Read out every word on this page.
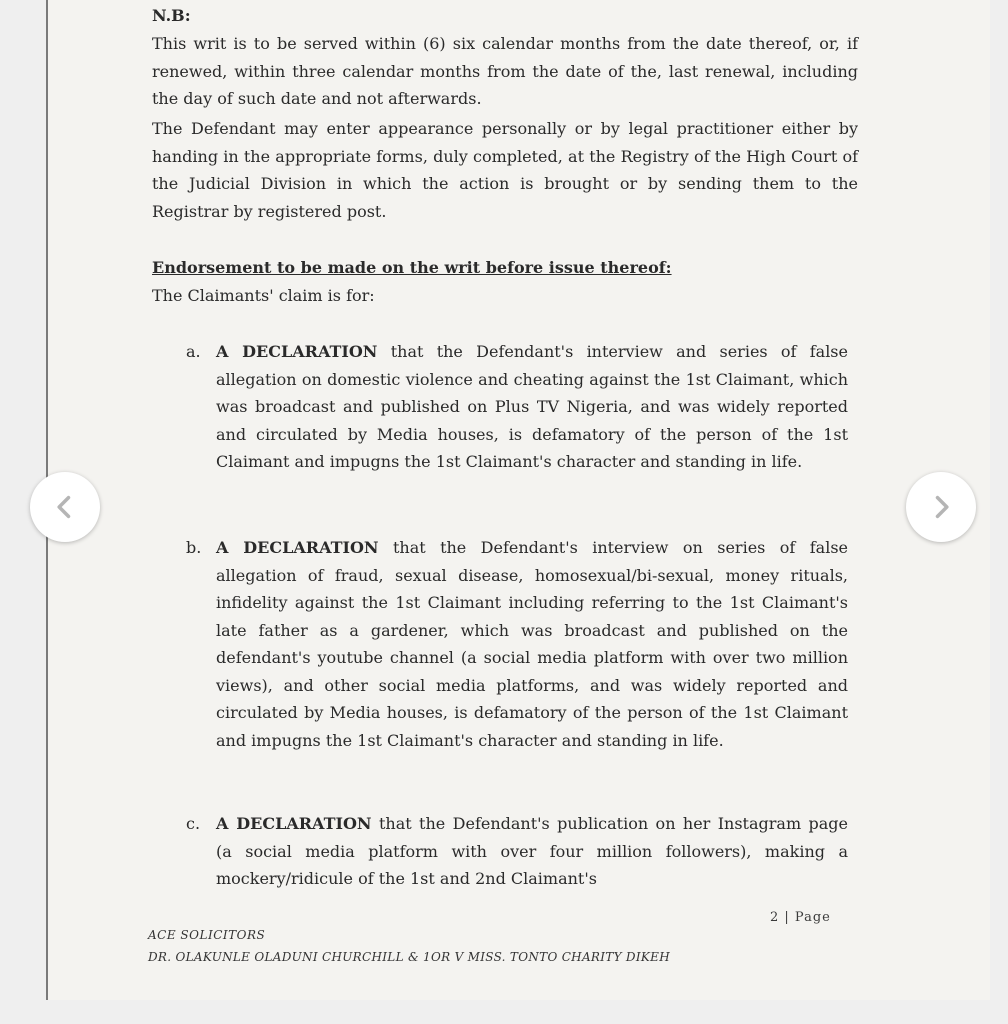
N.B:
This writ is to be served within (6) six calendar months from the date thereof, or, if renewed, within three calendar months from the date of the, last renewal, including the day of such date and not afterwards.
The Defendant may enter appearance personally or by legal practitioner either by handing in the appropriate forms, duly completed, at the Registry of the High Court of the Judicial Division in which the action is brought or by sending them to the Registrar by registered post.
Endorsement to be made on the writ before issue thereof:
The Claimants' claim is for:
a. A DECLARATION that the Defendant's interview and series of false allegation on domestic violence and cheating against the 1st Claimant, which was broadcast and published on Plus TV Nigeria, and was widely reported and circulated by Media houses, is defamatory of the person of the 1st Claimant and impugns the 1st Claimant's character and standing in life.
b. A DECLARATION that the Defendant's interview on series of false allegation of fraud, sexual disease, homosexual/bi-sexual, money rituals, infidelity against the 1st Claimant including referring to the 1st Claimant's late father as a gardener, which was broadcast and published on the defendant's youtube channel (a social media platform with over two million views), and other social media platforms, and was widely reported and circulated by Media houses, is defamatory of the person of the 1st Claimant and impugns the 1st Claimant's character and standing in life.
c. A DECLARATION that the Defendant's publication on her Instagram page (a social media platform with over four million followers), making a mockery/ridicule of the 1st and 2nd Claimant's
2 | Page
ACE SOLICITORS
DR. OLAKUNLE OLADUNI CHURCHILL & 1OR V MISS. TONTO CHARITY DIKEH
